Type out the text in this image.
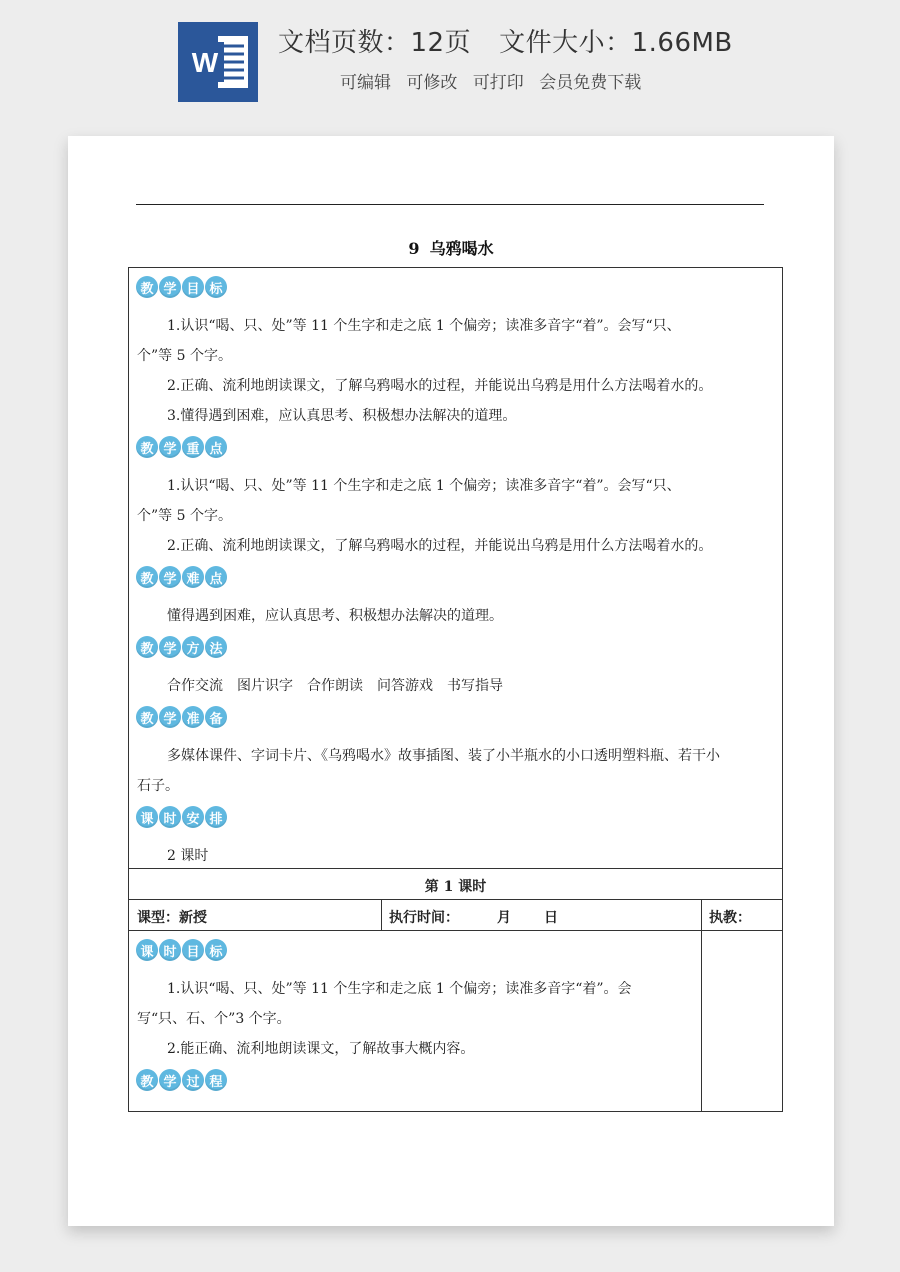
W
文档页数：12页 文件大小：1.66MB
可编辑 可修改 可打印 会员免费下载
9 乌鸦喝水
教 学 目 标
1.认识“喝、只、处”等 11 个生字和走之底 1 个偏旁；读准多音字“着”。会写“只、
个”等 5 个字。
2.正确、流利地朗读课文，了解乌鸦喝水的过程，并能说出乌鸦是用什么方法喝着水的。
3.懂得遇到困难，应认真思考、积极想办法解决的道理。
教 学 重 点
1.认识“喝、只、处”等 11 个生字和走之底 1 个偏旁；读准多音字“着”。会写“只、
个”等 5 个字。
2.正确、流利地朗读课文，了解乌鸦喝水的过程，并能说出乌鸦是用什么方法喝着水的。
教 学 难 点
懂得遇到困难，应认真思考、积极想办法解决的道理。
教 学 方 法
合作交流　图片识字　合作朗读　问答游戏　书写指导
教 学 准 备
多媒体课件、字词卡片、《乌鸦喝水》故事插图、装了小半瓶水的小口透明塑料瓶、若干小
石子。
课 时 安 排
2 课时
第 1 课时
课型：新授	执行时间：	月 日	执教：
课 时 目 标
1.认识“喝、只、处”等 11 个生字和走之底 1 个偏旁；读准多音字“着”。会
写“只、石、个”3 个字。
2.能正确、流利地朗读课文，了解故事大概内容。
教 学 过 程
